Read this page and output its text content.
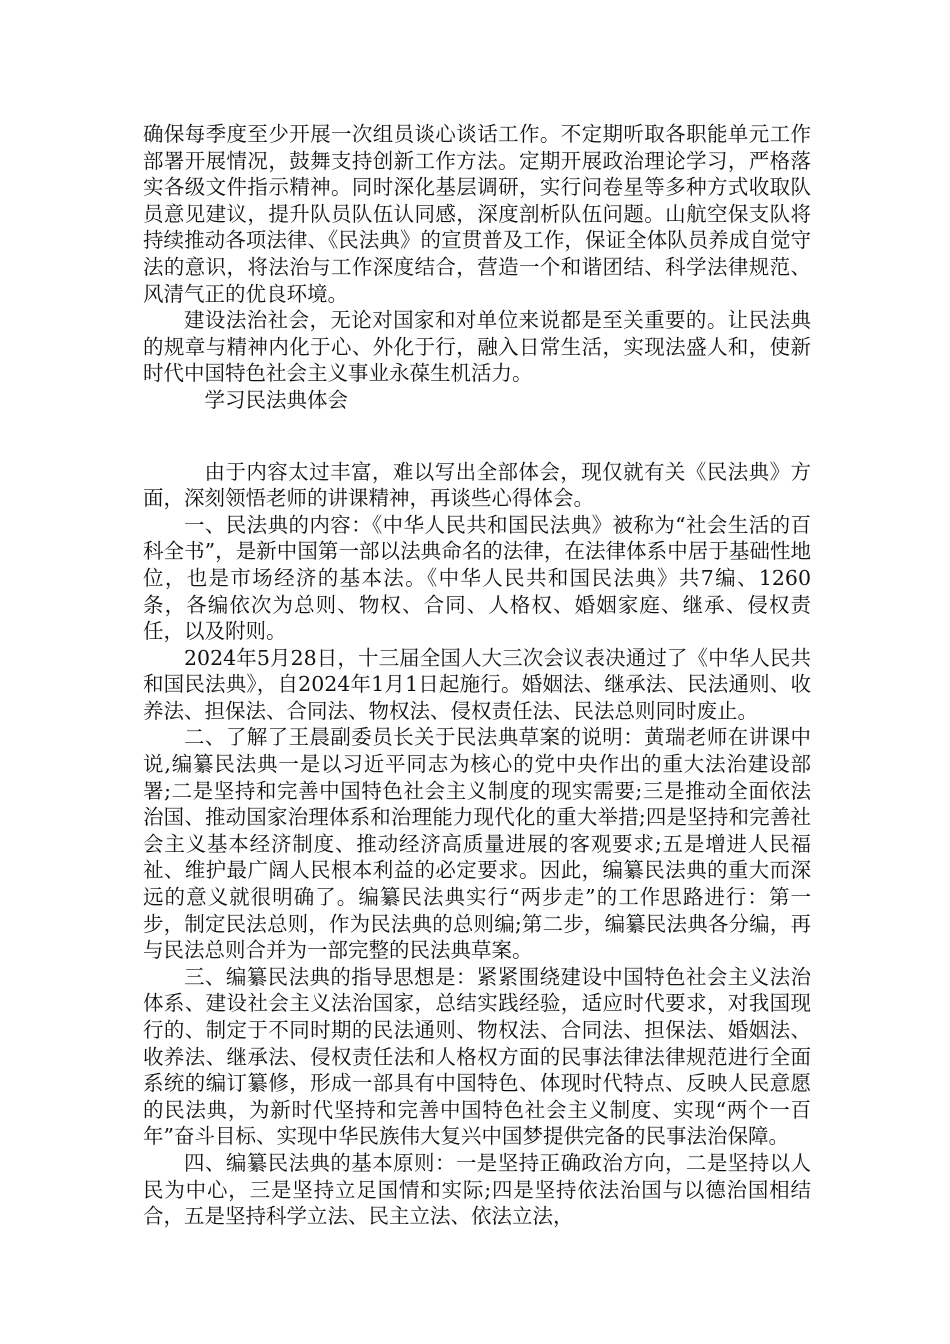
确保每季度至少开展一次组员谈心谈话工作。不定期听取各职能单元工作部署开展情况，鼓舞支持创新工作方法。定期开展政治理论学习，严格落实各级文件指示精神。同时深化基层调研，实行问卷星等多种方式收取队员意见建议，提升队员队伍认同感，深度剖析队伍问题。山航空保支队将持续推动各项法律、《民法典》的宣贯普及工作，保证全体队员养成自觉守法的意识，将法治与工作深度结合，营造一个和谐团结、科学法律规范、风清气正的优良环境。

建设法治社会，无论对国家和对单位来说都是至关重要的。让民法典的规章与精神内化于心、外化于行，融入日常生活，实现法盛人和，使新时代中国特色社会主义事业永葆生机活力。

学习民法典体会

由于内容太过丰富，难以写出全部体会，现仅就有关《民法典》方面，深刻领悟老师的讲课精神，再谈些心得体会。

一、民法典的内容：《中华人民共和国民法典》被称为“社会生活的百科全书”，是新中国第一部以法典命名的法律，在法律体系中居于基础性地位，也是市场经济的基本法。《中华人民共和国民法典》共7编、1260条，各编依次为总则、物权、合同、人格权、婚姻家庭、继承、侵权责任，以及附则。

2024年5月28日，十三届全国人大三次会议表决通过了《中华人民共和国民法典》，自2024年1月1日起施行。婚姻法、继承法、民法通则、收养法、担保法、合同法、物权法、侵权责任法、民法总则同时废止。

二、了解了王晨副委员长关于民法典草案的说明：黄瑞老师在讲课中说,编纂民法典一是以习近平同志为核心的党中央作出的重大法治建设部署;二是坚持和完善中国特色社会主义制度的现实需要;三是推动全面依法治国、推动国家治理体系和治理能力现代化的重大举措;四是坚持和完善社会主义基本经济制度、推动经济高质量进展的客观要求;五是增进人民福祉、维护最广阔人民根本利益的必定要求。因此，编纂民法典的重大而深远的意义就很明确了。编纂民法典实行“两步走”的工作思路进行：第一步，制定民法总则，作为民法典的总则编;第二步，编纂民法典各分编，再与民法总则合并为一部完整的民法典草案。

三、编纂民法典的指导思想是：紧紧围绕建设中国特色社会主义法治体系、建设社会主义法治国家，总结实践经验，适应时代要求，对我国现行的、制定于不同时期的民法通则、物权法、合同法、担保法、婚姻法、收养法、继承法、侵权责任法和人格权方面的民事法律法律规范进行全面系统的编订纂修，形成一部具有中国特色、体现时代特点、反映人民意愿的民法典，为新时代坚持和完善中国特色社会主义制度、实现“两个一百年”奋斗目标、实现中华民族伟大复兴中国梦提供完备的民事法治保障。

四、编纂民法典的基本原则：一是坚持正确政治方向，二是坚持以人民为中心，三是坚持立足国情和实际;四是坚持依法治国与以德治国相结合，五是坚持科学立法、民主立法、依法立法，
